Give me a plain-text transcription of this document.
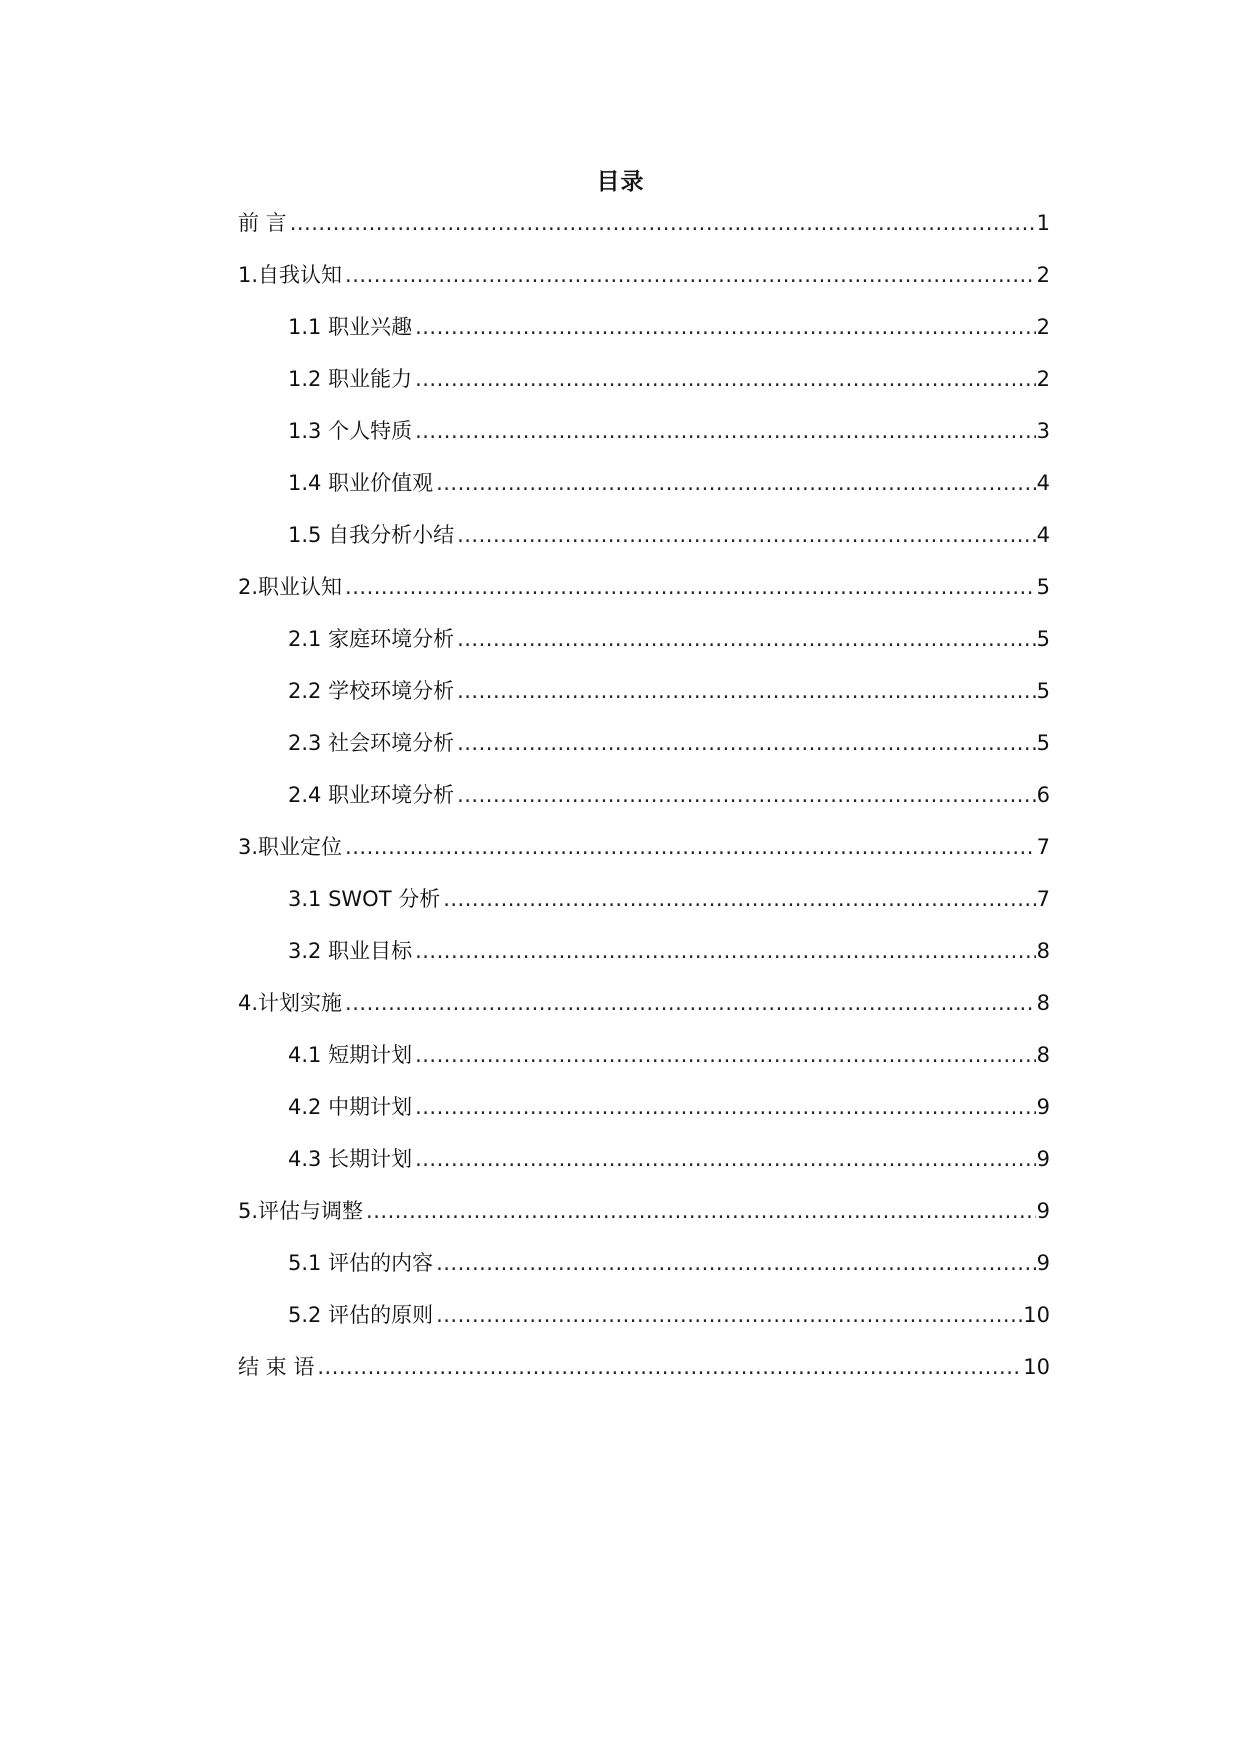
目录
前 言 .....	1
1.自我认知 .....	2
1.1 职业兴趣 .....	2
1.2 职业能力 .....	2
1.3 个人特质 .....	3
1.4 职业价值观 .....	4
1.5 自我分析小结 .....	4
2.职业认知 .....	5
2.1 家庭环境分析 .....	5
2.2 学校环境分析 .....	5
2.3 社会环境分析 .....	5
2.4 职业环境分析 .....	6
3.职业定位 .....	7
3.1 SWOT 分析 .....	7
3.2 职业目标 .....	8
4.计划实施 .....	8
4.1 短期计划 .....	8
4.2 中期计划 .....	9
4.3 长期计划 .....	9
5.评估与调整 .....	9
5.1 评估的内容 .....	9
5.2 评估的原则 .....	10
结 束 语 .....	10
